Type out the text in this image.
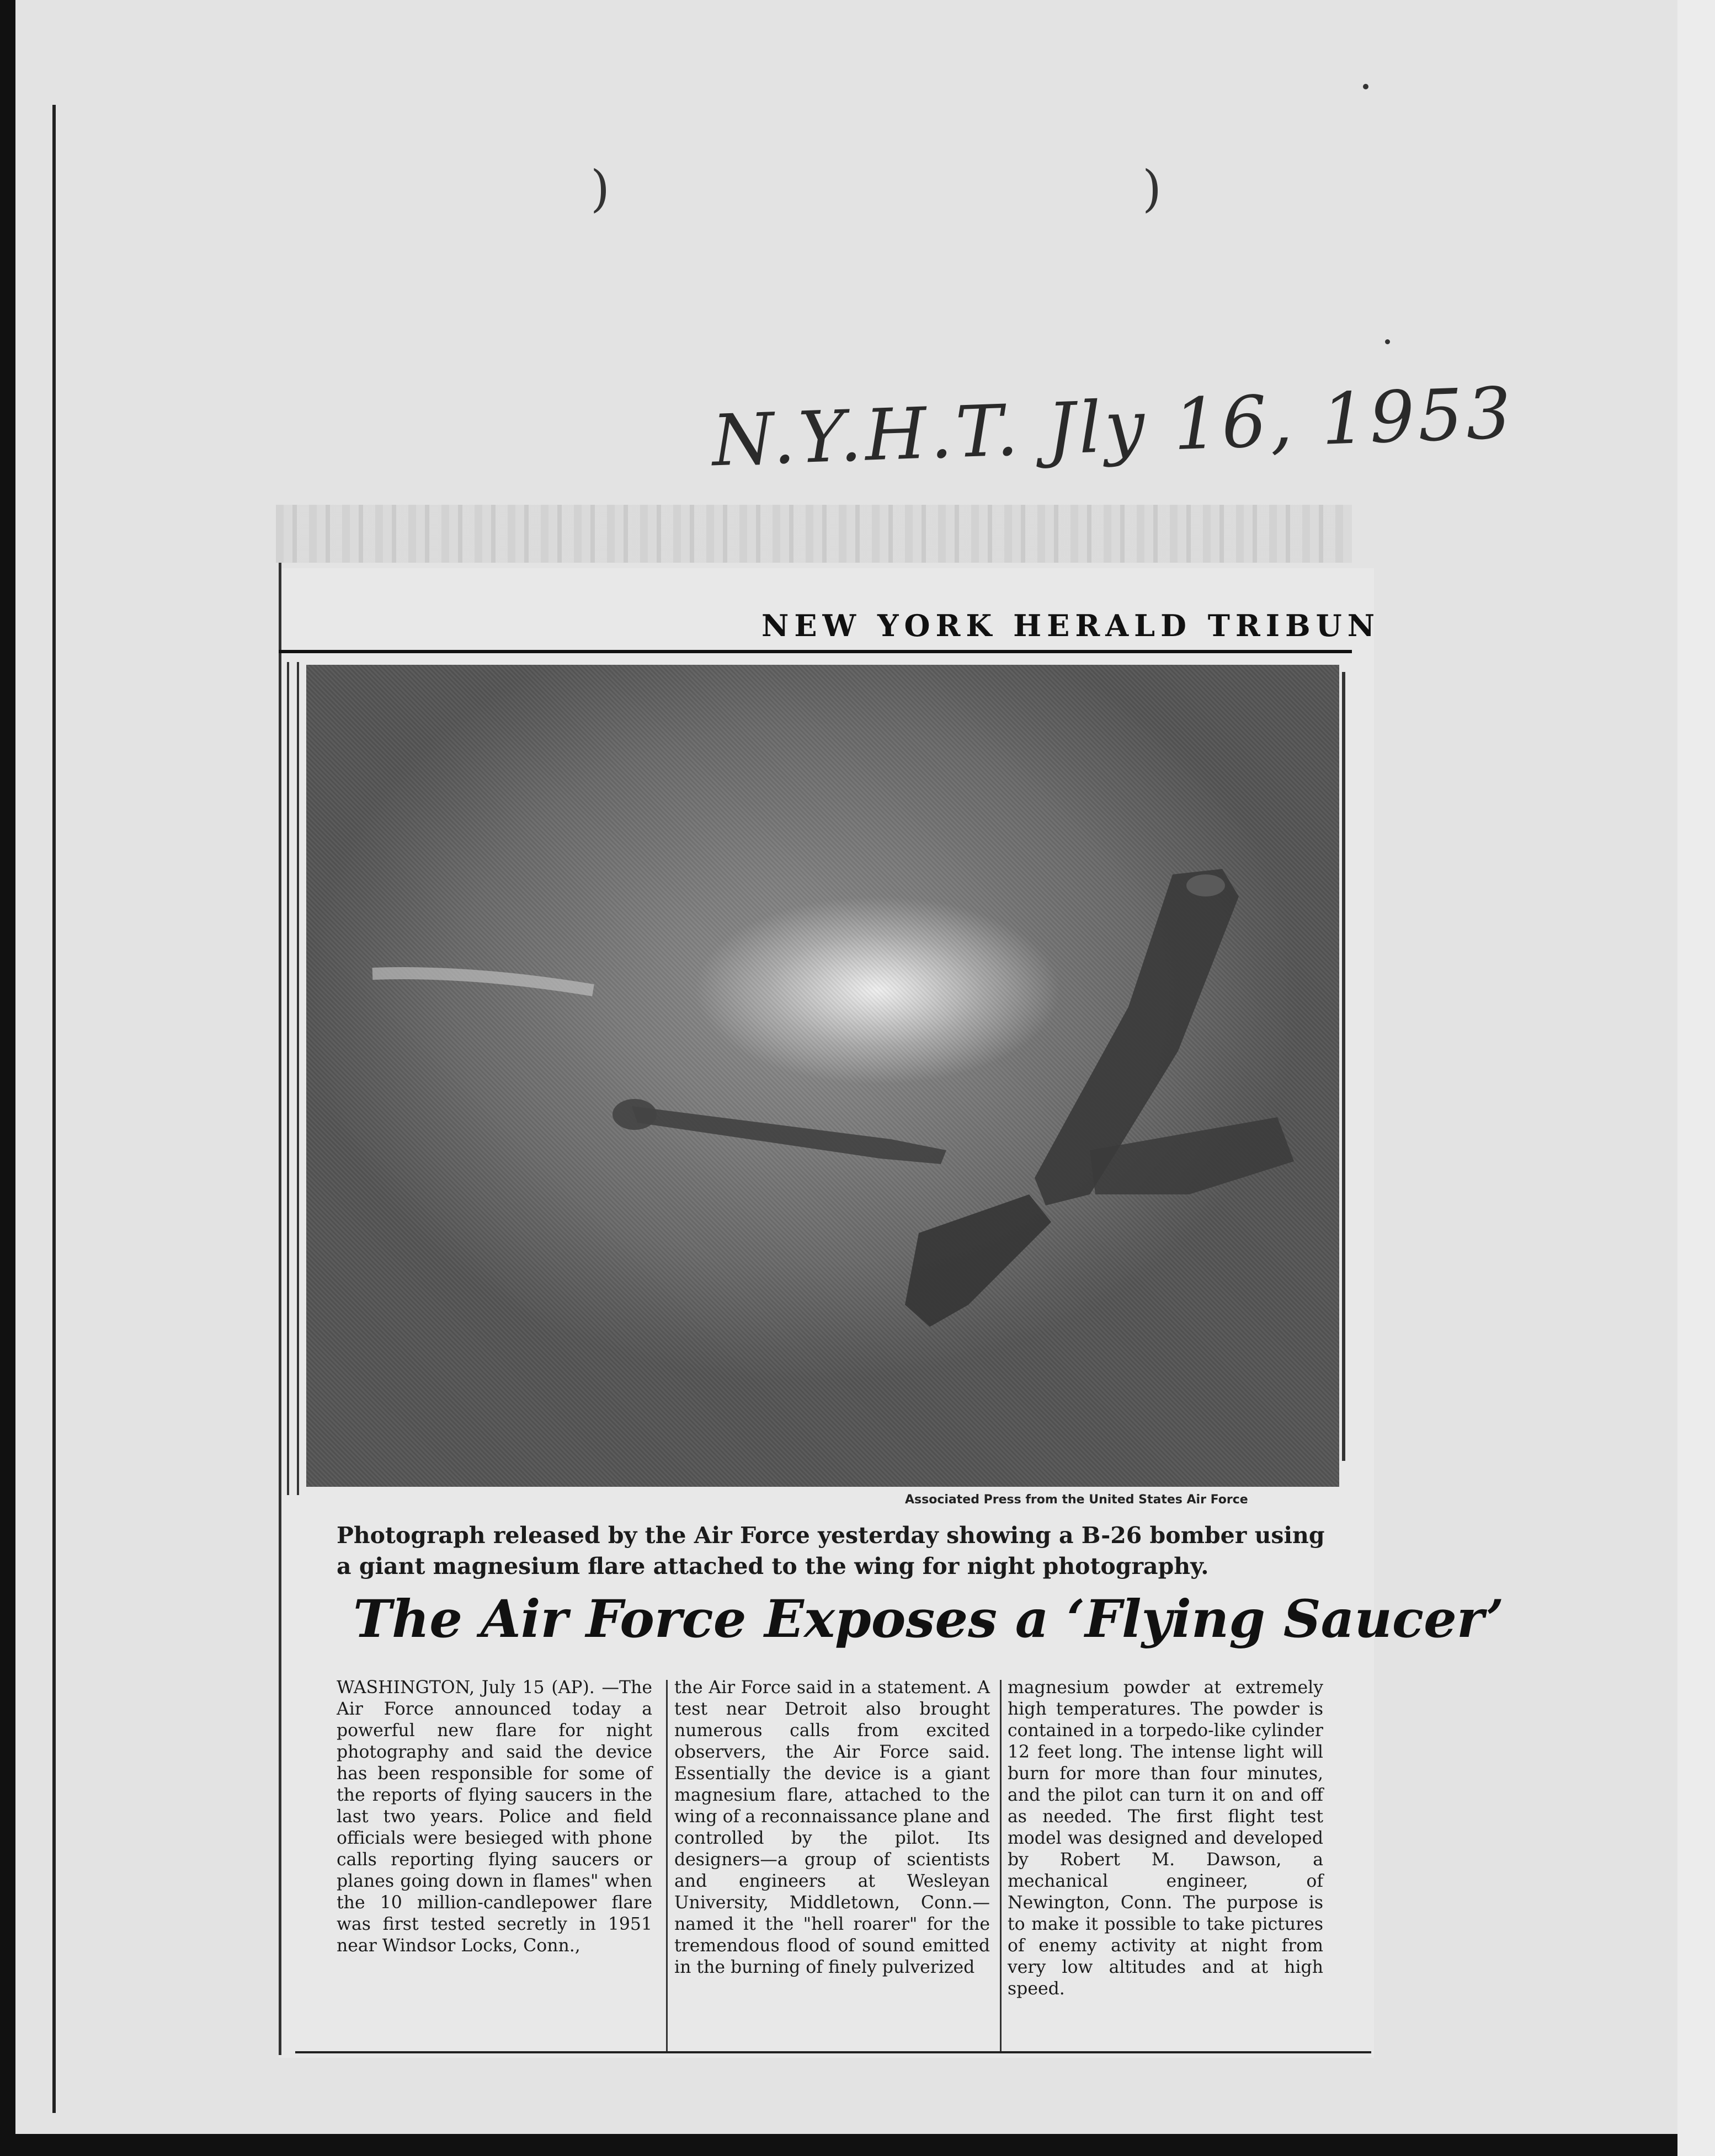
)	)
N.Y.H.T. Jly 16, 1953
NEW YORK HERALD TRIBUN
Associated Press from the United States Air Force
Photograph released by the Air Force yesterday showing a B-26 bomber using a giant magnesium flare attached to the wing for night photography.
The Air Force Exposes a ‘Flying Saucer’

WASHINGTON, July 15 (AP). —The Air Force announced today a powerful new flare for night photography and said the device has been responsible for some of the reports of flying saucers in the last two years. Police and field officials were besieged with phone calls reporting flying saucers or planes going down in flames" when the 10 million-candlepower flare was first tested secretly in 1951 near Windsor Locks, Conn.,

the Air Force said in a statement. A test near Detroit also brought numerous calls from excited observers, the Air Force said. Essentially the device is a giant magnesium flare, attached to the wing of a reconnaissance plane and controlled by the pilot. Its designers—a group of scientists and engineers at Wesleyan University, Middletown, Conn.—named it the "hell roarer" for the tremendous flood of sound emitted in the burning of finely pulverized

magnesium powder at extremely high temperatures. The powder is contained in a torpedo-like cylinder 12 feet long. The intense light will burn for more than four minutes, and the pilot can turn it on and off as needed. The first flight test model was designed and developed by Robert M. Dawson, a mechanical engineer, of Newington, Conn. The purpose is to make it possible to take pictures of enemy activity at night from very low altitudes and at high speed.
